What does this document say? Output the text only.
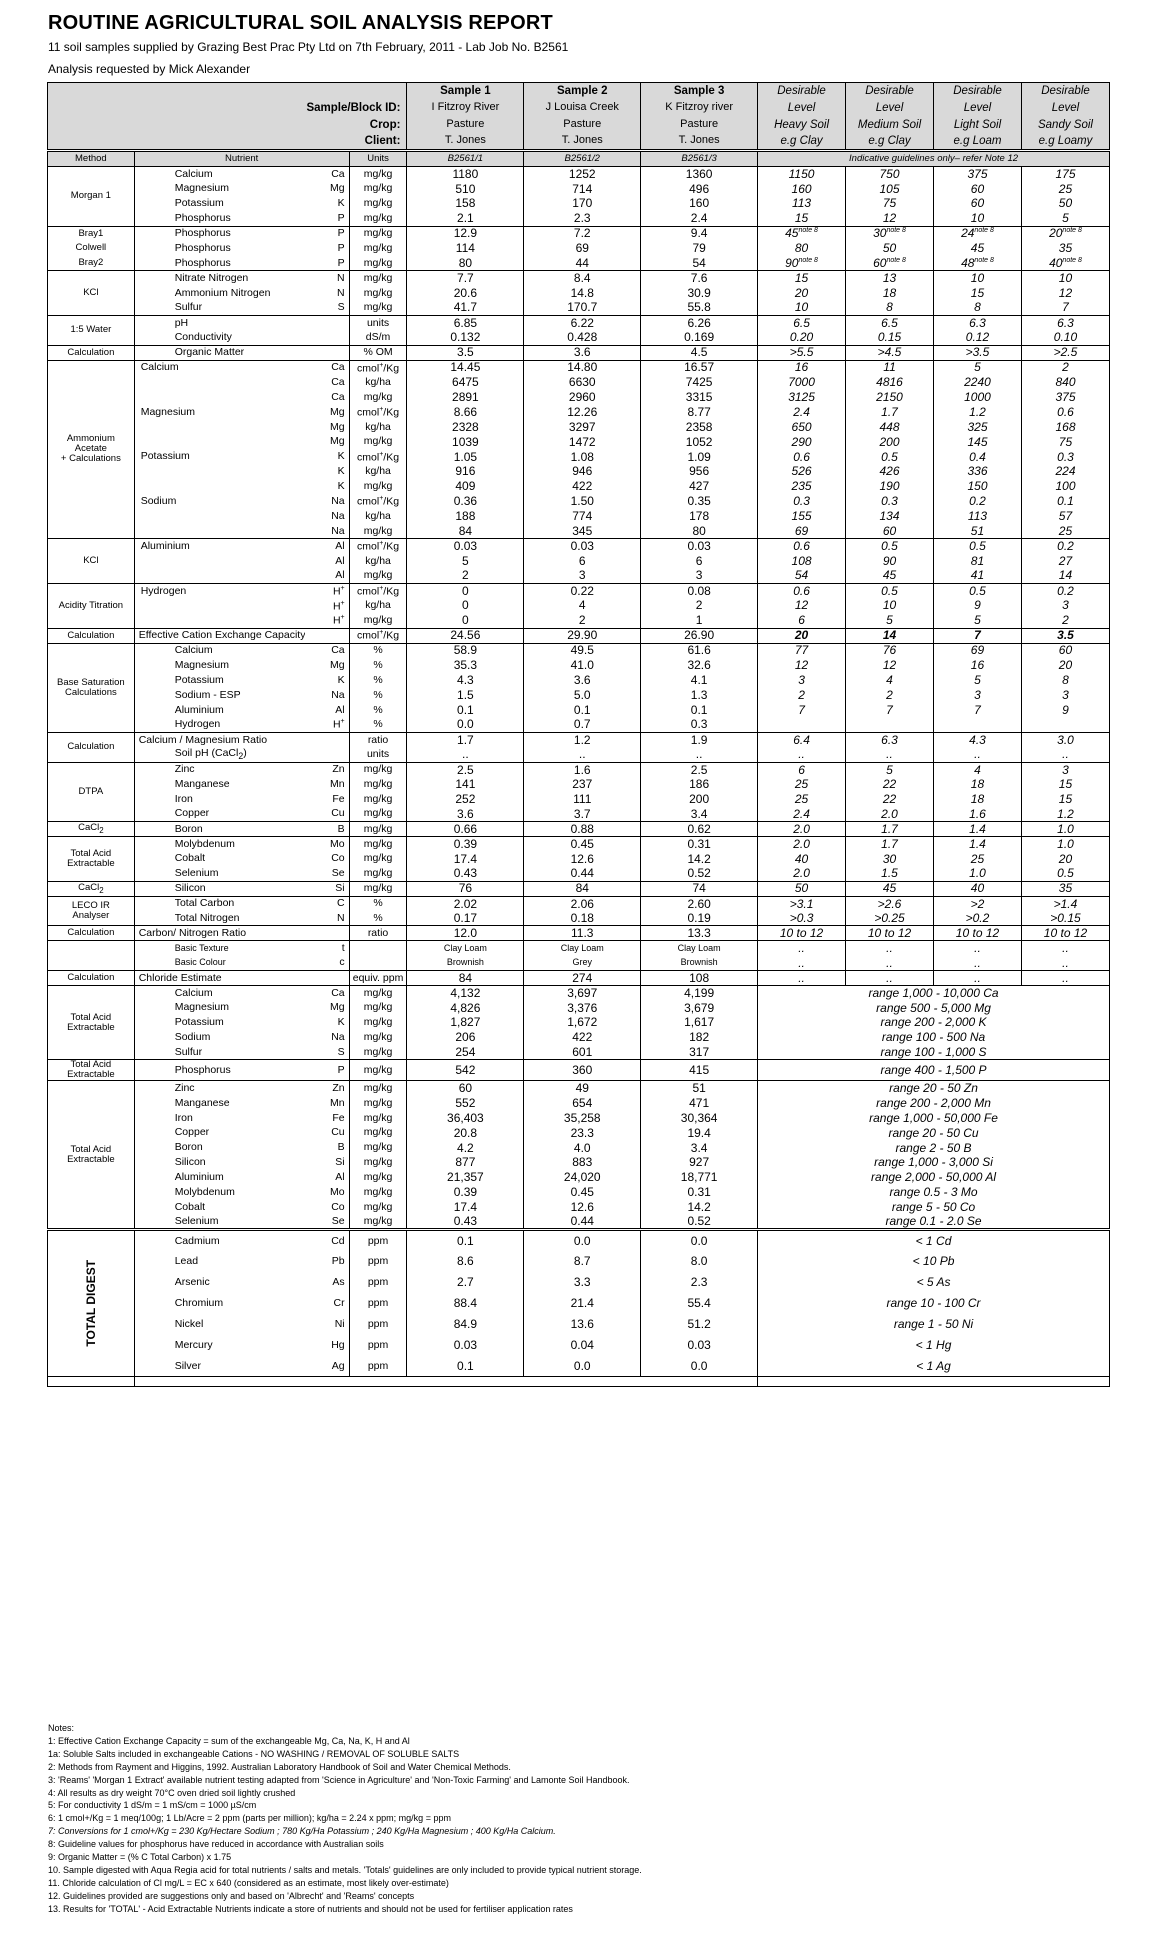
ROUTINE AGRICULTURAL SOIL ANALYSIS REPORT
11 soil samples supplied by Grazing Best Prac Pty Ltd on 7th February, 2011 - Lab Job No. B2561
Analysis requested by Mick Alexander
				Sample 1	Sample 2	Sample 3	Desirable	Desirable	Desirable	Desirable
Sample/Block ID:				I Fitzroy River	J Louisa Creek	K Fitzroy river	Level	Level	Level	Level
Crop:				Pasture	Pasture	Pasture	Heavy Soil	Medium Soil	Light Soil	Sandy Soil
Client:				T. Jones	T. Jones	T. Jones	e.g Clay	e.g Clay	e.g Loam	e.g Loamy
Method	Nutrient		Units	B2561/1	B2561/2	B2561/3	Indicative guidelines only– refer Note 12			
Morgan 1	Calcium	Ca	mg/kg	1180	1252	1360	1150	750	375	175
	Magnesium	Mg	mg/kg	510	714	496	160	105	60	25
	Potassium	K	mg/kg	158	170	160	113	75	60	50
	Phosphorus	P	mg/kg	2.1	2.3	2.4	15	12	10	5
Bray1	Phosphorus	P	mg/kg	12.9	7.2	9.4	$45^{note 8}$	$30^{note 8}$	$24^{note 8}$	$20^{note 8}$
Colwell	Phosphorus	P	mg/kg	114	69	79	80	50	45	35
Bray2	Phosphorus	P	mg/kg	80	44	54	$90^{note 8}$	$60^{note 8}$	$48^{note 8}$	$40^{note 8}$
KCl	Nitrate Nitrogen	N	mg/kg	7.7	8.4	7.6	15	13	10	10
	Ammonium Nitrogen	N	mg/kg	20.6	14.8	30.9	20	18	15	12
	Sulfur	S	mg/kg	41.7	170.7	55.8	10	8	8	7
1:5 Water	pH		units	6.85	6.22	6.26	6.5	6.5	6.3	6.3
	Conductivity		dS/m	0.132	0.428	0.169	0.20	0.15	0.12	0.10
Calculation	Organic Matter		% OM	3.5	3.6	4.5	>5.5	>4.5	>3.5	>2.5
Ammonium
Acetate
+ Calculations	Calcium	Ca	cmol+/Kg	14.45	14.80	16.57	16	11	5	2
		Ca	kg/ha	6475	6630	7425	7000	4816	2240	840
		Ca	mg/kg	2891	2960	3315	3125	2150	1000	375
	Magnesium	Mg	cmol+/Kg	8.66	12.26	8.77	2.4	1.7	1.2	0.6
		Mg	kg/ha	2328	3297	2358	650	448	325	168
		Mg	mg/kg	1039	1472	1052	290	200	145	75
	Potassium	K	cmol+/Kg	1.05	1.08	1.09	0.6	0.5	0.4	0.3
		K	kg/ha	916	946	956	526	426	336	224
		K	mg/kg	409	422	427	235	190	150	100
	Sodium	Na	cmol+/Kg	0.36	1.50	0.35	0.3	0.3	0.2	0.1
		Na	kg/ha	188	774	178	155	134	113	57
		Na	mg/kg	84	345	80	69	60	51	25
KCl	Aluminium	Al	cmol+/Kg	0.03	0.03	0.03	0.6	0.5	0.5	0.2
		Al	kg/ha	5	6	6	108	90	81	27
		Al	mg/kg	2	3	3	54	45	41	14
Acidity Titration	Hydrogen	H+	cmol+/Kg	0	0.22	0.08	0.6	0.5	0.5	0.2
		H+	kg/ha	0	4	2	12	10	9	3
		H+	mg/kg	0	2	1	6	5	5	2
Calculation	Effective Cation Exchange Capacity		cmol+/Kg	24.56	29.90	26.90	20	14	7	3.5
Base Saturation
Calculations	Calcium	Ca	%	58.9	49.5	61.6	77	76	69	60
	Magnesium	Mg	%	35.3	41.0	32.6	12	12	16	20
	Potassium	K	%	4.3	3.6	4.1	3	4	5	8
	Sodium - ESP	Na	%	1.5	5.0	1.3	2	2	3	3
	Aluminium	Al	%	0.1	0.1	0.1	7	7	7	9
	Hydrogen	H+	%	0.0	0.7	0.3				
Calculation	Calcium / Magnesium Ratio		ratio	1.7	1.2	1.9	6.4	6.3	4.3	3.0
	Soil pH (CaCl$_2$)		units	..	..	..	..	..	..	..
DTPA	Zinc	Zn	mg/kg	2.5	1.6	2.5	6	5	4	3
	Manganese	Mn	mg/kg	141	237	186	25	22	18	15
	Iron	Fe	mg/kg	252	111	200	25	22	18	15
	Copper	Cu	mg/kg	3.6	3.7	3.4	2.4	2.0	1.6	1.2
CaCl$_2$	Boron	B	mg/kg	0.66	0.88	0.62	2.0	1.7	1.4	1.0
Total Acid
Extractable	Molybdenum	Mo	mg/kg	0.39	0.45	0.31	2.0	1.7	1.4	1.0
	Cobalt	Co	mg/kg	17.4	12.6	14.2	40	30	25	20
	Selenium	Se	mg/kg	0.43	0.44	0.52	2.0	1.5	1.0	0.5
CaCl$_2$	Silicon	Si	mg/kg	76	84	74	50	45	40	35
LECO IR
Analyser	Total Carbon	C	%	2.02	2.06	2.60	>3.1	>2.6	>2	>1.4
	Total Nitrogen	N	%	0.17	0.18	0.19	>0.3	>0.25	>0.2	>0.15
Calculation	Carbon/ Nitrogen Ratio		ratio	12.0	11.3	13.3	10 to 12	10 to 12	10 to 12	10 to 12
	Basic Texture	t		Clay Loam	Clay Loam	Clay Loam	..	..	..	..
	Basic Colour	c		Brownish	Grey	Brownish	..	..	..	..
Calculation	Chloride Estimate		equiv. ppm	84	274	108	..	..	..	..
Total Acid
Extractable	Calcium	Ca	mg/kg	4,132	3,697	4,199	range 1,000 - 10,000 Ca			
	Magnesium	Mg	mg/kg	4,826	3,376	3,679	range 500 - 5,000 Mg			
	Potassium	K	mg/kg	1,827	1,672	1,617	range 200 - 2,000 K			
	Sodium	Na	mg/kg	206	422	182	range 100 - 500 Na			
	Sulfur	S	mg/kg	254	601	317	range 100 - 1,000 S			
Total Acid
Extractable	Phosphorus	P	mg/kg	542	360	415	range 400 - 1,500 P			
Total Acid
Extractable	Zinc	Zn	mg/kg	60	49	51	range 20 - 50 Zn			
	Manganese	Mn	mg/kg	552	654	471	range 200 - 2,000 Mn			
	Iron	Fe	mg/kg	36,403	35,258	30,364	range 1,000 - 50,000 Fe			
	Copper	Cu	mg/kg	20.8	23.3	19.4	range 20 - 50 Cu			
	Boron	B	mg/kg	4.2	4.0	3.4	range 2 - 50 B			
	Silicon	Si	mg/kg	877	883	927	range 1,000 - 3,000 Si			
	Aluminium	Al	mg/kg	21,357	24,020	18,771	range 2,000 - 50,000 Al			
	Molybdenum	Mo	mg/kg	0.39	0.45	0.31	range 0.5 - 3 Mo			
	Cobalt	Co	mg/kg	17.4	12.6	14.2	range 5 - 50 Co			
	Selenium	Se	mg/kg	0.43	0.44	0.52	range 0.1 - 2.0 Se			

TOTAL DIGEST	Cadmium	Cd	ppm	0.1	0.0	0.0	< 1 Cd			
	Lead	Pb	ppm	8.6	8.7	8.0	< 10 Pb			
	Arsenic	As	ppm	2.7	3.3	2.3	< 5 As			
	Chromium	Cr	ppm	88.4	21.4	55.4	range 10 - 100 Cr			
	Nickel	Ni	ppm	84.9	13.6	51.2	range 1 - 50 Ni			
	Mercury	Hg	ppm	0.03	0.04	0.03	< 1 Hg			
	Silver	Ag	ppm	0.1	0.0	0.0	< 1 Ag			

Notes:
1: Effective Cation Exchange Capacity = sum of the exchangeable Mg, Ca, Na, K, H and Al
1a: Soluble Salts included in exchangeable Cations - NO WASHING / REMOVAL OF SOLUBLE SALTS
2: Methods from Rayment and Higgins, 1992. Australian Laboratory Handbook of Soil and Water Chemical Methods.
3: 'Reams' 'Morgan 1 Extract' available nutrient testing adapted from 'Science in Agriculture' and 'Non-Toxic Farming' and Lamonte Soil Handbook.
4: All results as dry weight 70°C oven dried soil lightly crushed
5: For conductivity 1 dS/m = 1 mS/cm = 1000 µS/cm
6: 1 cmol+/Kg = 1 meq/100g; 1 Lb/Acre = 2 ppm (parts per million); kg/ha = 2.24 x ppm; mg/kg = ppm
7: Conversions for 1 cmol+/Kg = 230 Kg/Hectare Sodium ; 780 Kg/Ha Potassium ; 240 Kg/Ha Magnesium ; 400 Kg/Ha Calcium.
8: Guideline values for phosphorus have reduced in accordance with Australian soils
9: Organic Matter = (% C Total Carbon) x 1.75
10. Sample digested with Aqua Regia acid for total nutrients / salts and metals. 'Totals' guidelines are only included to provide typical nutrient storage.
11. Chloride calculation of Cl mg/L = EC x 640 (considered as an estimate, most likely over-estimate)
12. Guidelines provided are suggestions only and based on 'Albrecht' and 'Reams' concepts
13. Results for 'TOTAL' - Acid Extractable Nutrients indicate a store of nutrients and should not be used for fertiliser application rates
